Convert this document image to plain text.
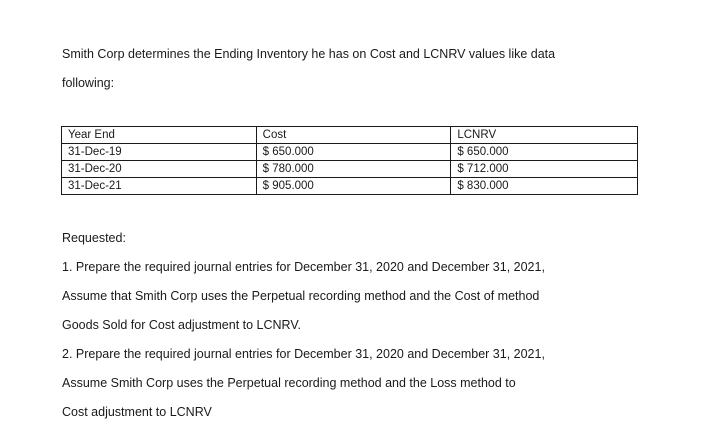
Smith Corp determines the Ending Inventory he has on Cost and LCNRV values like data

following:

Year End	Cost	LCNRV
31-Dec-19	$ 650.000	$ 650.000
31-Dec-20	$ 780.000	$ 712.000
31-Dec-21	$ 905.000	$ 830.000

Requested:

1. Prepare the required journal entries for December 31, 2020 and December 31, 2021,

Assume that Smith Corp uses the Perpetual recording method and the Cost of method

Goods Sold for Cost adjustment to LCNRV.

2. Prepare the required journal entries for December 31, 2020 and December 31, 2021,

Assume Smith Corp uses the Perpetual recording method and the Loss method to

Cost adjustment to LCNRV
